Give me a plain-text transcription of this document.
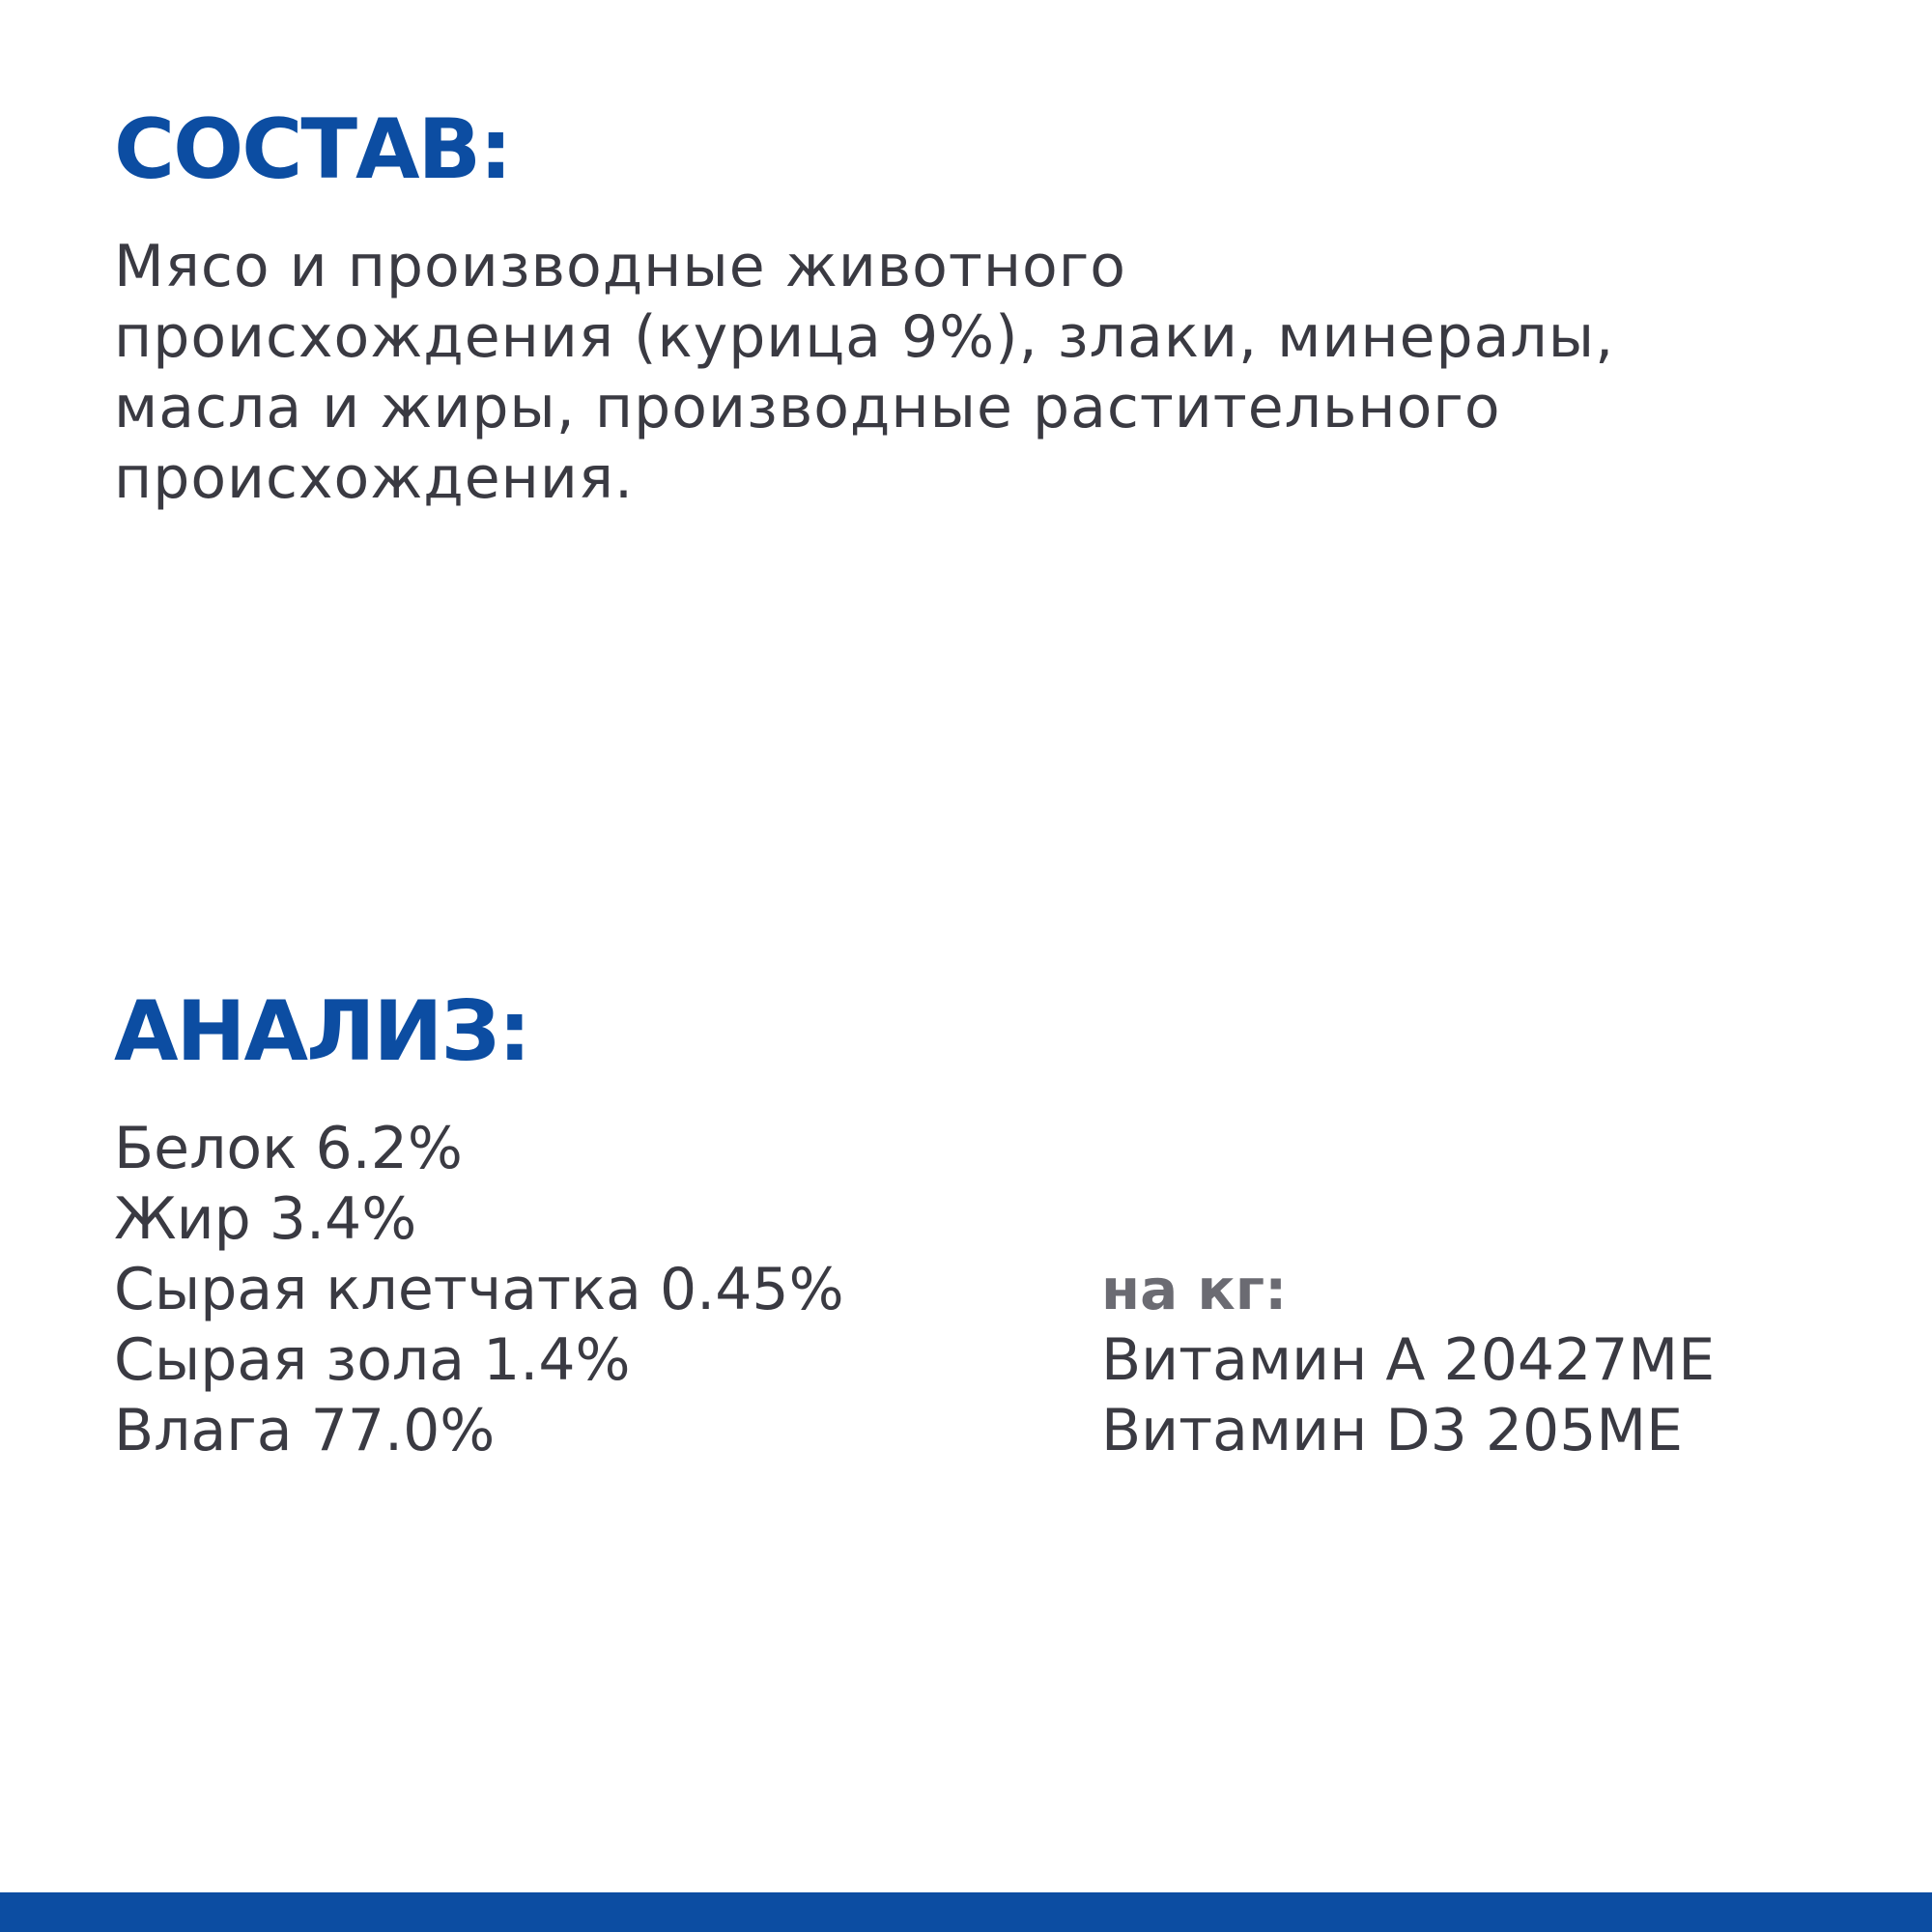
СОСТАВ:

Мясо и производные животного происхождения (курица 9%), злаки, минералы, масла и жиры, производные растительного происхождения.

АНАЛИЗ:
Белок 6.2%
Жир 3.4%
Сырая клетчатка 0.45%
Сырая зола 1.4%
Влага 77.0%

на кг:

Витамин А 20427МЕ
Витамин D3 205МЕ
